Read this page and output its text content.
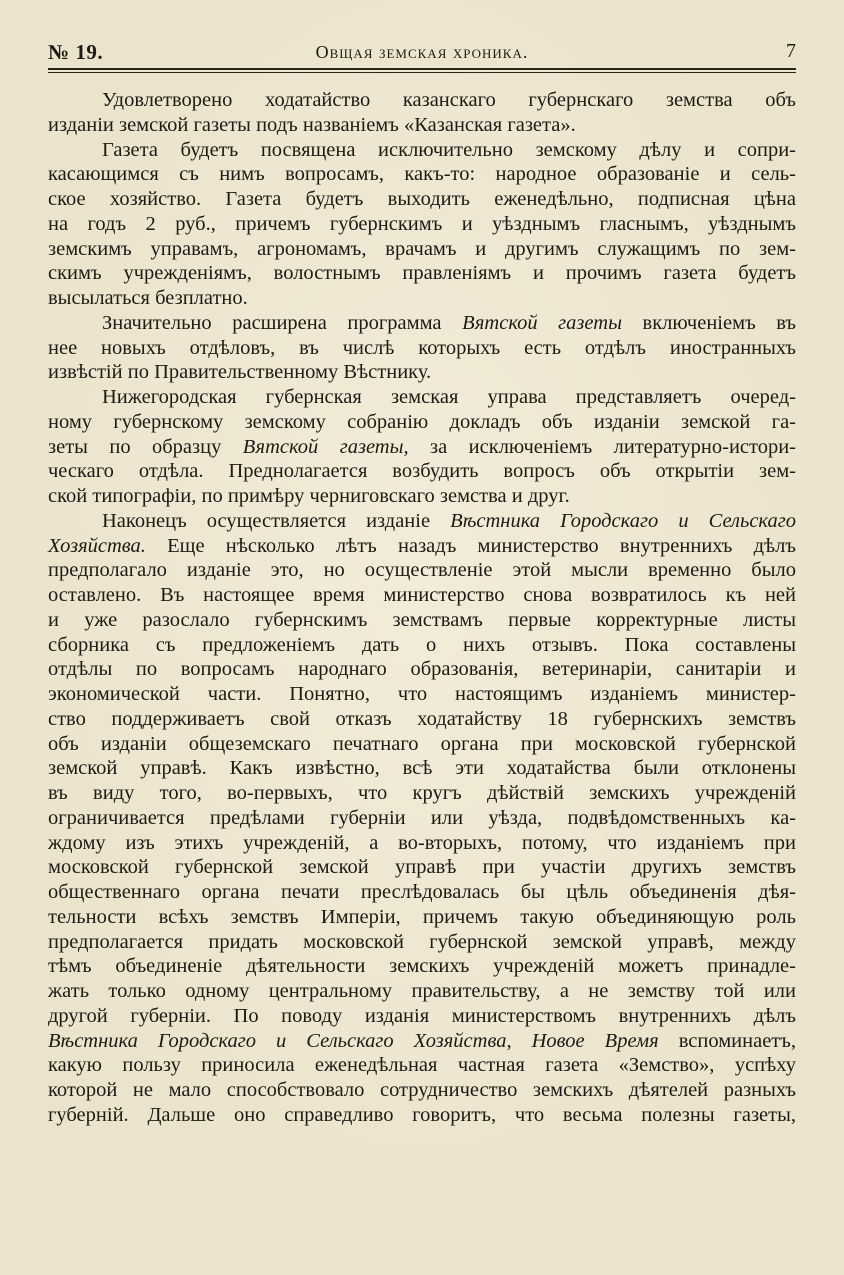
№ 19.	Овщая земская хроника.	7
Удовлетворено ходатайство казанскаго губернскаго земства объ
изданіи земской газеты подъ названіемъ «Казанская газета».
Газета будетъ посвящена исключительно земскому дѣлу и сопри-
касающимся съ нимъ вопросамъ, какъ-то: народное образованіе и сель-
ское хозяйство. Газета будетъ выходить еженедѣльно, подписная цѣна
на годъ 2 руб., причемъ губернскимъ и уѣзднымъ гласнымъ, уѣзднымъ
земскимъ управамъ, агрономамъ, врачамъ и другимъ служащимъ по зем-
скимъ учрежденіямъ, волостнымъ правленіямъ и прочимъ газета будетъ
высылаться безплатно.
Значительно расширена программа Вятской газеты включеніемъ въ
нее новыхъ отдѣловъ, въ числѣ которыхъ есть отдѣлъ иностранныхъ
извѣстій по Правительственному Вѣстнику.
Нижегородская губернская земская управа представляетъ очеред-
ному губернскому земскому собранію докладъ объ изданіи земской га-
зеты по образцу Вятской газеты, за исключеніемъ литературно-истори-
ческаго отдѣла. Преднолагается возбудить вопросъ объ открытіи зем-
ской типографіи, по примѣру черниговскаго земства и друг.
Наконецъ осуществляется изданіе Вѣстника Городскаго и Сельскаго
Хозяйства. Еще нѣсколько лѣтъ назадъ министерство внутреннихъ дѣлъ
предполагало изданіе это, но осуществленіе этой мысли временно было
оставлено. Въ настоящее время министерство снова возвратилось къ ней
и уже разослало губернскимъ земствамъ первые корректурные листы
сборника съ предложеніемъ дать о нихъ отзывъ. Пока составлены
отдѣлы по вопросамъ народнаго образованія, ветеринаріи, санитаріи и
экономической части. Понятно, что настоящимъ изданіемъ министер-
ство поддерживаетъ свой отказъ ходатайству 18 губернскихъ земствъ
объ изданіи общеземскаго печатнаго органа при московской губернской
земской управѣ. Какъ извѣстно, всѣ эти ходатайства были отклонены
въ виду того, во-первыхъ, что кругъ дѣйствій земскихъ учрежденій
ограничивается предѣлами губерніи или уѣзда, подвѣдомственныхъ ка-
ждому изъ этихъ учрежденій, а во-вторыхъ, потому, что изданіемъ при
московской губернской земской управѣ при участіи другихъ земствъ
общественнаго органа печати преслѣдовалась бы цѣль объединенія дѣя-
тельности всѣхъ земствъ Имперіи, причемъ такую объединяющую роль
предполагается придать московской губернской земской управѣ, между
тѣмъ объединеніе дѣятельности земскихъ учрежденій можетъ принадле-
жать только одному центральному правительству, а не земству той или
другой губерніи. По поводу изданія министерствомъ внутреннихъ дѣлъ
Вѣстника Городскаго и Сельскаго Хозяйства, Новое Время вспоминаетъ,
какую пользу приносила еженедѣльная частная газета «Земство», успѣху
которой не мало способствовало сотрудничество земскихъ дѣятелей разныхъ
губерній. Дальше оно справедливо говоритъ, что весьма полезны газеты,
